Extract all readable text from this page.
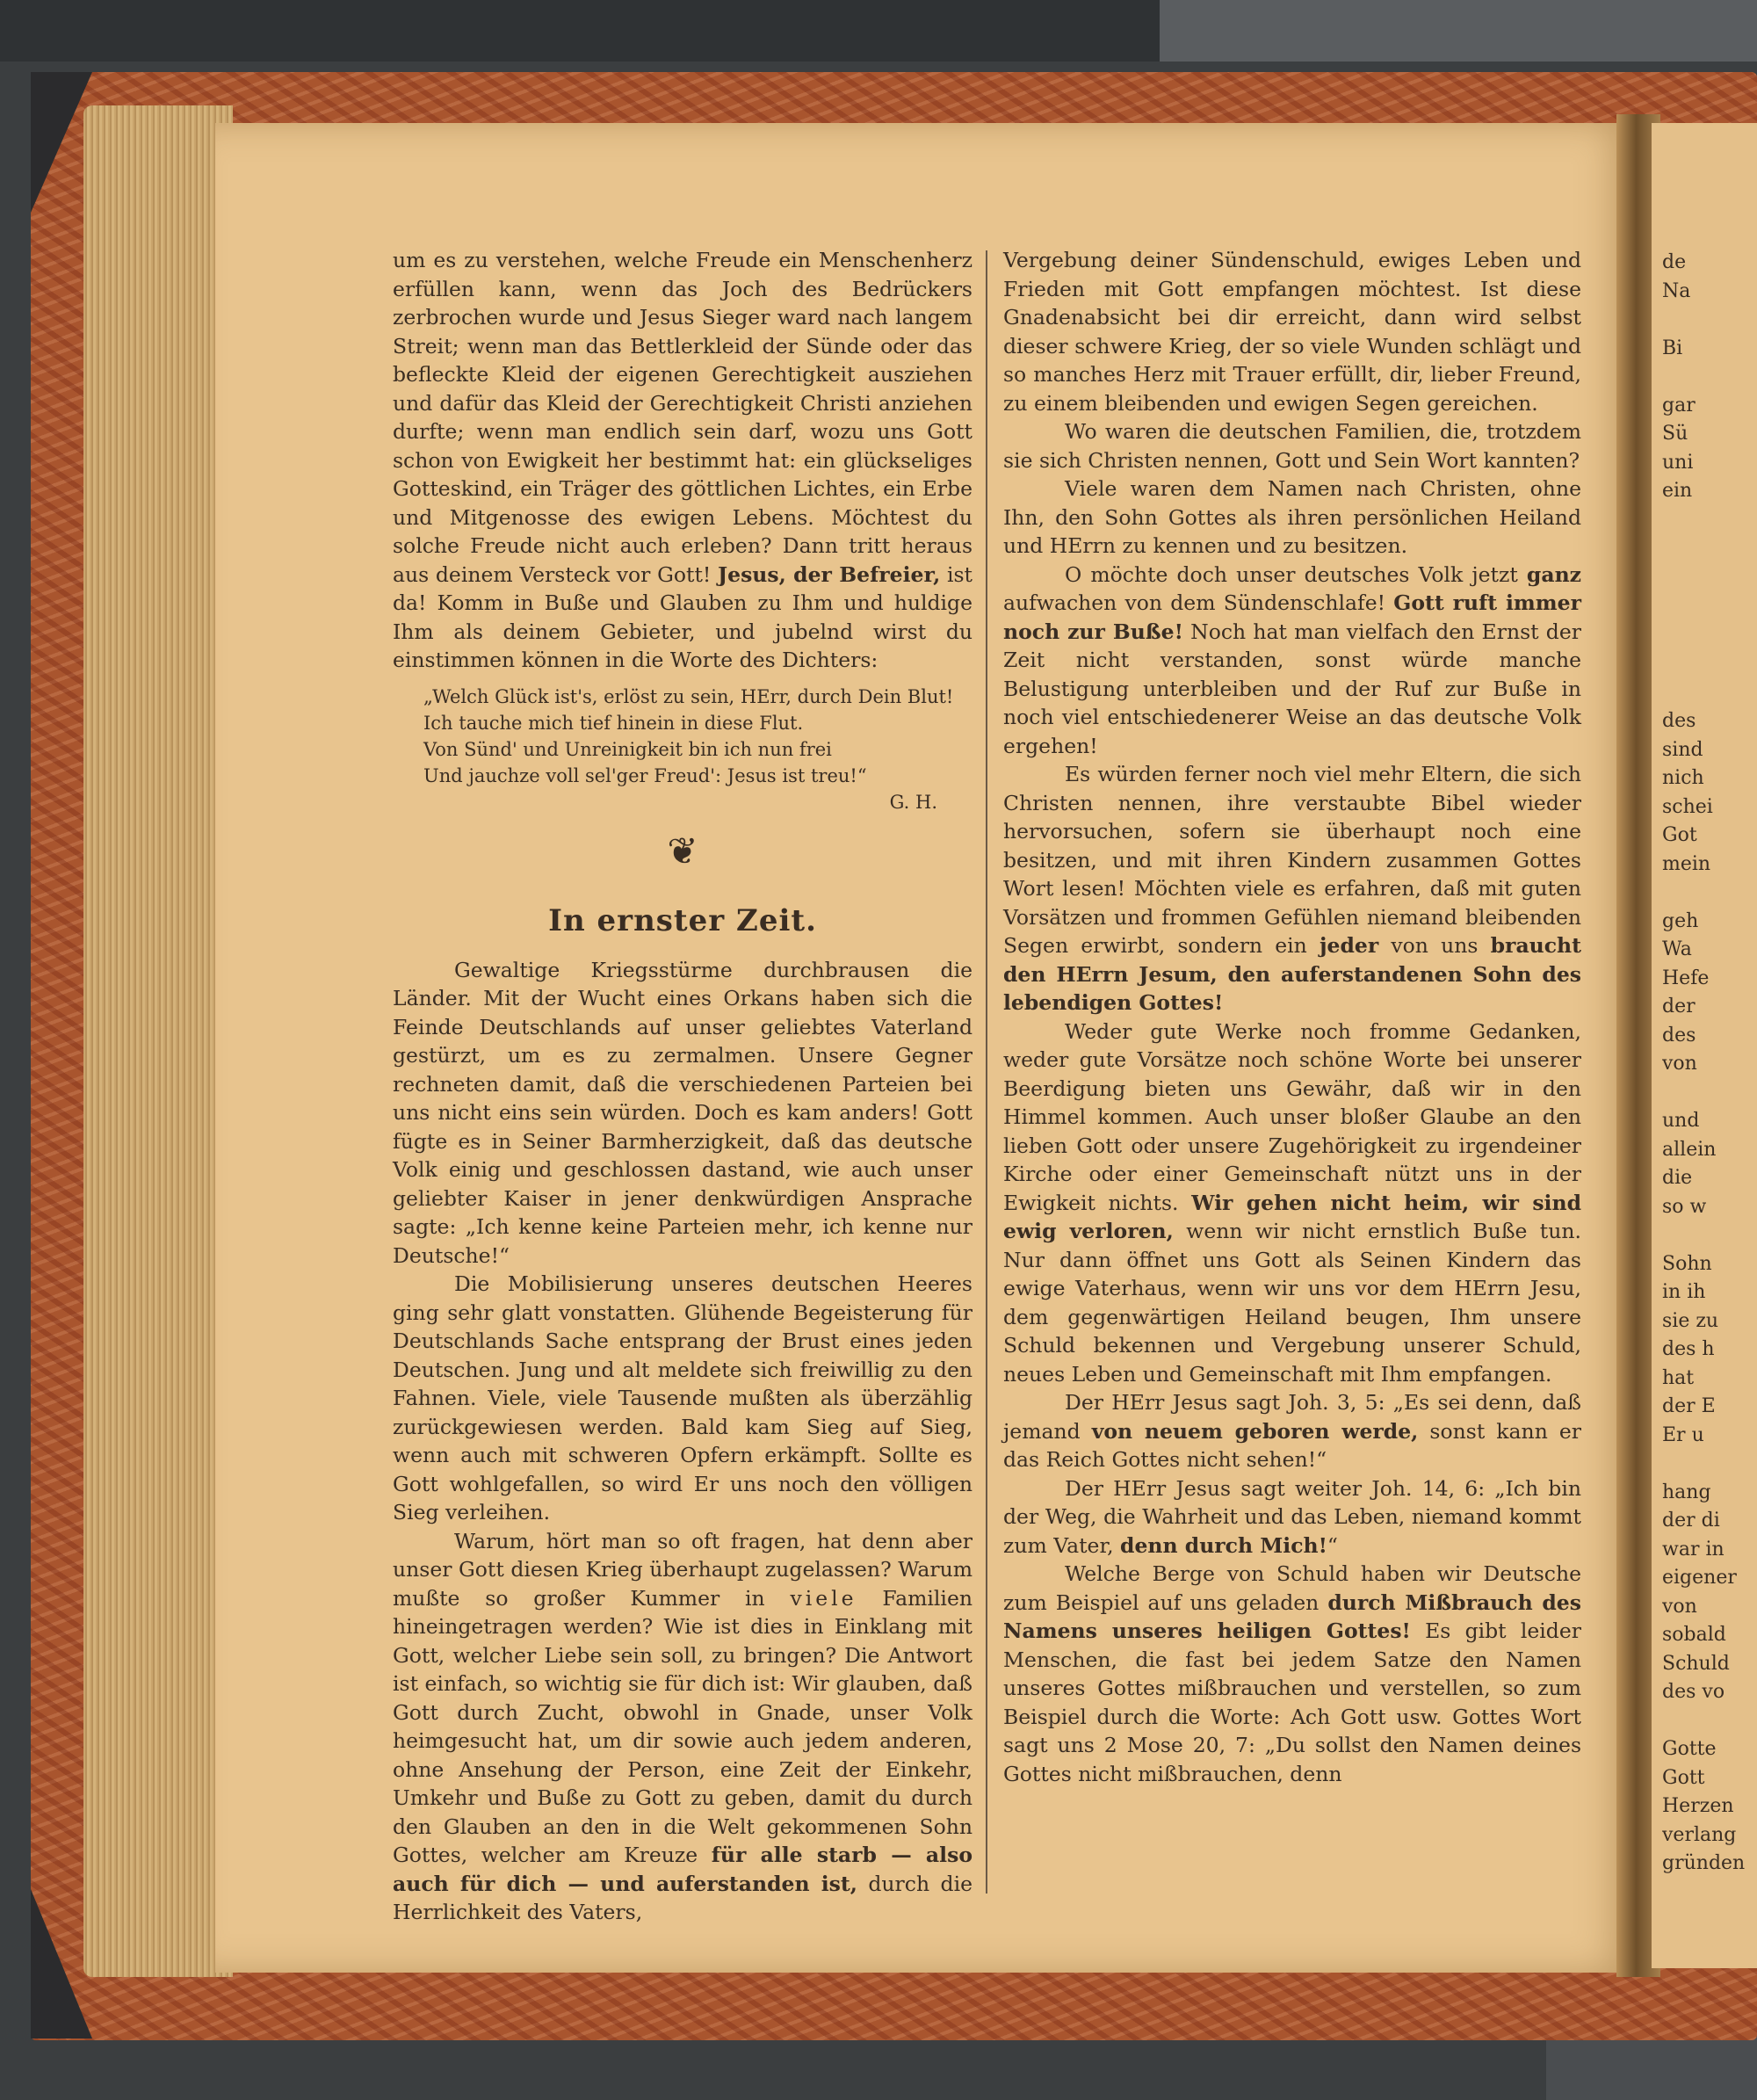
um es zu verstehen, welche Freude ein Menschenherz erfüllen kann, wenn das Joch des Bedrückers zerbrochen wurde und Jesus Sieger ward nach langem Streit; wenn man das Bettlerkleid der Sünde oder das befleckte Kleid der eigenen Gerechtigkeit ausziehen und dafür das Kleid der Gerechtigkeit Christi anziehen durfte; wenn man endlich sein darf, wozu uns Gott schon von Ewigkeit her bestimmt hat: ein glückseliges Gotteskind, ein Träger des göttlichen Lichtes, ein Erbe und Mitgenosse des ewigen Lebens. Möchtest du solche Freude nicht auch erleben? Dann tritt heraus aus deinem Versteck vor Gott! Jesus, der Befreier, ist da! Komm in Buße und Glauben zu Ihm und huldige Ihm als deinem Gebieter, und jubelnd wirst du einstimmen können in die Worte des Dichters:

„Welch Glück ist's, erlöst zu sein, HErr, durch Dein Blut!
Ich tauche mich tief hinein in diese Flut.
Von Sünd' und Unreinigkeit bin ich nun frei
Und jauchze voll sel'ger Freud': Jesus ist treu!“
G. H.
❦
In ernster Zeit.

Gewaltige Kriegsstürme durchbrausen die Länder. Mit der Wucht eines Orkans haben sich die Feinde Deutschlands auf unser geliebtes Vaterland gestürzt, um es zu zermalmen. Unsere Gegner rechneten damit, daß die verschiedenen Parteien bei uns nicht eins sein würden. Doch es kam anders! Gott fügte es in Seiner Barmherzigkeit, daß das deutsche Volk einig und geschlossen dastand, wie auch unser geliebter Kaiser in jener denkwürdigen Ansprache sagte: „Ich kenne keine Parteien mehr, ich kenne nur Deutsche!“

Die Mobilisierung unseres deutschen Heeres ging sehr glatt vonstatten. Glühende Begeisterung für Deutschlands Sache entsprang der Brust eines jeden Deutschen. Jung und alt meldete sich freiwillig zu den Fahnen. Viele, viele Tausende mußten als überzählig zurückgewiesen werden. Bald kam Sieg auf Sieg, wenn auch mit schweren Opfern erkämpft. Sollte es Gott wohlgefallen, so wird Er uns noch den völligen Sieg verleihen.

Warum, hört man so oft fragen, hat denn aber unser Gott diesen Krieg überhaupt zugelassen? Warum mußte so großer Kummer in viele Familien hineingetragen werden? Wie ist dies in Einklang mit Gott, welcher Liebe sein soll, zu bringen? Die Antwort ist einfach, so wichtig sie für dich ist: Wir glauben, daß Gott durch Zucht, obwohl in Gnade, unser Volk heimgesucht hat, um dir sowie auch jedem anderen, ohne Ansehung der Person, eine Zeit der Einkehr, Umkehr und Buße zu Gott zu geben, damit du durch den Glauben an den in die Welt gekommenen Sohn Gottes, welcher am Kreuze für alle starb — also auch für dich — und auferstanden ist, durch die Herrlichkeit des Vaters,

Vergebung deiner Sündenschuld, ewiges Leben und Frieden mit Gott empfangen möchtest. Ist diese Gnadenabsicht bei dir erreicht, dann wird selbst dieser schwere Krieg, der so viele Wunden schlägt und so manches Herz mit Trauer erfüllt, dir, lieber Freund, zu einem bleibenden und ewigen Segen gereichen.

Wo waren die deutschen Familien, die, trotzdem sie sich Christen nennen, Gott und Sein Wort kannten?

Viele waren dem Namen nach Christen, ohne Ihn, den Sohn Gottes als ihren persönlichen Heiland und HErrn zu kennen und zu besitzen.

O möchte doch unser deutsches Volk jetzt ganz aufwachen von dem Sündenschlafe! Gott ruft immer noch zur Buße! Noch hat man vielfach den Ernst der Zeit nicht verstanden, sonst würde manche Belustigung unterbleiben und der Ruf zur Buße in noch viel entschiedenerer Weise an das deutsche Volk ergehen!

Es würden ferner noch viel mehr Eltern, die sich Christen nennen, ihre verstaubte Bibel wieder hervorsuchen, sofern sie überhaupt noch eine besitzen, und mit ihren Kindern zusammen Gottes Wort lesen! Möchten viele es erfahren, daß mit guten Vorsätzen und frommen Gefühlen niemand bleibenden Segen erwirbt, sondern ein jeder von uns braucht den HErrn Jesum, den auferstandenen Sohn des lebendigen Gottes!

Weder gute Werke noch fromme Gedanken, weder gute Vorsätze noch schöne Worte bei unserer Beerdigung bieten uns Gewähr, daß wir in den Himmel kommen. Auch unser bloßer Glaube an den lieben Gott oder unsere Zugehörigkeit zu irgendeiner Kirche oder einer Gemeinschaft nützt uns in der Ewigkeit nichts. Wir gehen nicht heim, wir sind ewig verloren, wenn wir nicht ernstlich Buße tun. Nur dann öffnet uns Gott als Seinen Kindern das ewige Vaterhaus, wenn wir uns vor dem HErrn Jesu, dem gegenwärtigen Heiland beugen, Ihm unsere Schuld bekennen und Vergebung unserer Schuld, neues Leben und Gemeinschaft mit Ihm empfangen.

Der HErr Jesus sagt Joh. 3, 5: „Es sei denn, daß jemand von neuem geboren werde, sonst kann er das Reich Gottes nicht sehen!“

Der HErr Jesus sagt weiter Joh. 14, 6: „Ich bin der Weg, die Wahrheit und das Leben, niemand kommt zum Vater, denn durch Mich!“

Welche Berge von Schuld haben wir Deutsche zum Beispiel auf uns geladen durch Mißbrauch des Namens unseres heiligen Gottes! Es gibt leider Menschen, die fast bei jedem Satze den Namen unseres Gottes mißbrauchen und verstellen, so zum Beispiel durch die Worte: Ach Gott usw. Gottes Wort sagt uns 2 Mose 20, 7: „Du sollst den Namen deines Gottes nicht mißbrauchen, denn

de
Na

Bi

gar
Sü
uni
ein
des
sind
nich
schei
Got
mein

geh
Wa
Hefe
der
des
von

und
allein
die
so w

Sohn
in ih
sie zu
des h
hat
der E
Er u

hang
der di
war in
eigener
von
sobald
Schuld
des vo

Gotte
Gott
Herzen
verlang
gründen
